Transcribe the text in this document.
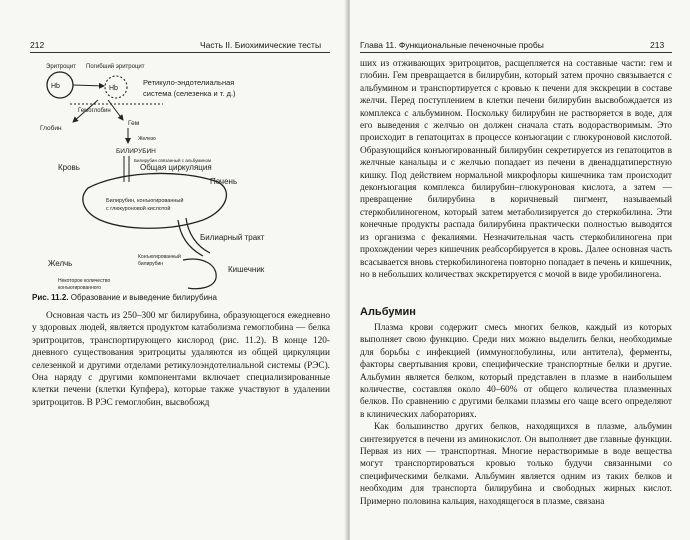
212	Часть II. Биохимические тесты
Hb	Hb
Эритроцит Погибший эритроцит
Ретикуло-эндотелиальная
система (селезенка и т. д.)
Гемоглобин
Глобин
Гем
Железо
БИЛИРУБИН
Кровь	Общая циркуляция
Билирубин связанный с альбумином
Печень
Билирубин, конъюгированный
с глюкуроновой кислотой
Билиарный тракт
Желчь
Конъюгированный
билирубин
Кишечник
Некоторое количество
конъюгированного
Рис. 11.2. Образование и выведение билирубина

Основная часть из 250–300 мг билирубина, образующегося ежедневно у здоровых людей, является продуктом катаболизма гемоглобина — белка эритроцитов, транспортирующего кислород (рис. 11.2). В конце 120-дневного существования эритроциты удаляются из общей циркуляции селезенкой и другими отделами ретикулоэндотелиальной системы (РЭС). Она наряду с другими компонентами включает специализированные клетки печени (клетки Купфера), которые также участвуют в удалении эритроцитов. В РЭС гемоглобин, высвобожд

Глава 11. Функциональные печеночные пробы	213

ших из отживающих эритроцитов, расщепляется на составные части: гем и глобин. Гем превращается в билирубин, который затем прочно связывается с альбумином и транспортируется с кровью к печени для экскреции в составе желчи. Перед поступлением в клетки печени билирубин высвобождается из комплекса с альбумином. Поскольку билирубин не растворяется в воде, для его выведения с желчью он должен сначала стать водорастворимым. Это происходит в гепатоцитах в процессе конъюгации с глюкуроновой кислотой. Образующийся конъюгированный билирубин секретируется из гепатоцитов в желчные канальцы и с желчью попадает из печени в двенадцатиперстную кишку. Под действием нормальной микрофлоры кишечника там происходит деконъюгация комплекса билирубин–глюкуроновая кислота, а затем — превращение билирубина в коричневый пигмент, называемый стеркобилиногеном, который затем метаболизируется до стеркобилина. Эти конечные продукты распада билирубина практически полностью выводятся из организма с фекалиями. Незначительная часть стеркобилиногена при прохождении через кишечник реабсорбируется в кровь. Далее основная часть всасывается вновь стеркобилиногена повторно попадает в печень и кишечник, но в небольших количествах экскретируется с мочой в виде уробилиногена.

Альбумин

Плазма крови содержит смесь многих белков, каждый из которых выполняет свою функцию. Среди них можно выделить белки, необходимые для борьбы с инфекцией (иммуноглобулины, или антитела), ферменты, факторы свертывания крови, специфические транспортные белки и другие. Альбумин является белком, который представлен в плазме в наибольшем количестве, составляя около 40–60% от общего количества плазменных белков. По сравнению с другими белками плазмы его чаще всего определяют в клинических лабораториях.

Как большинство других белков, находящихся в плазме, альбумин синтезируется в печени из аминокислот. Он выполняет две главные функции. Первая из них — транспортная. Многие нерастворимые в воде вещества могут транспортироваться кровью только будучи связанными со специфическими белками. Альбумин является одним из таких белков и необходим для транспорта билирубина и свободных жирных кислот. Примерно половина кальция, находящегося в плазме, связана
